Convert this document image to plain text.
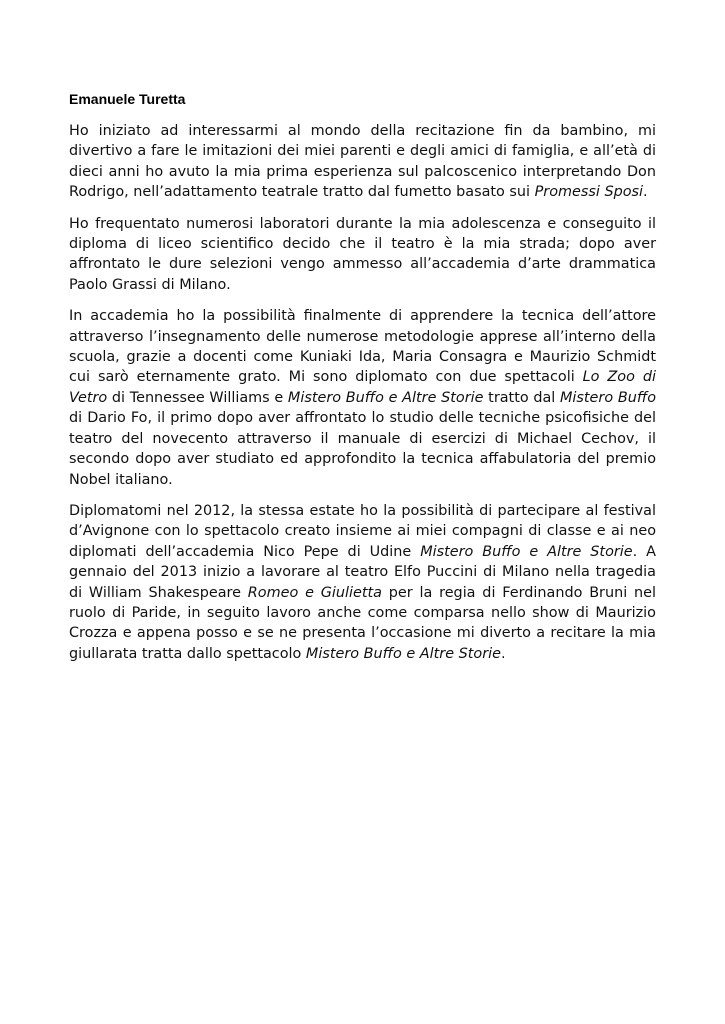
Emanuele Turetta

Ho iniziato ad interessarmi al mondo della recitazione fin da bambino, mi divertivo a fare le imitazioni dei miei parenti e degli amici di famiglia, e all’età di dieci anni ho avuto la mia prima esperienza sul palcoscenico interpretando Don Rodrigo, nell’adattamento teatrale tratto dal fumetto basato sui Promessi Sposi.

Ho frequentato numerosi laboratori durante la mia adolescenza e conseguito il diploma di liceo scientifico decido che il teatro è la mia strada; dopo aver affrontato le dure selezioni vengo ammesso all’accademia d’arte drammatica Paolo Grassi di Milano.

In accademia ho la possibilità finalmente di apprendere la tecnica dell’attore attraverso l’insegnamento delle numerose metodologie apprese all’interno della scuola, grazie a docenti come Kuniaki Ida, Maria Consagra e Maurizio Schmidt cui sarò eternamente grato. Mi sono diplomato con due spettacoli Lo Zoo di Vetro di Tennessee Williams e Mistero Buffo e Altre Storie tratto dal Mistero Buffo di Dario Fo, il primo dopo aver affrontato lo studio delle tecniche psicofisiche del teatro del novecento attraverso il manuale di esercizi di Michael Cechov, il secondo dopo aver studiato ed approfondito la tecnica affabulatoria del premio Nobel italiano.

Diplomatomi nel 2012, la stessa estate ho la possibilità di partecipare al festival d’Avignone con lo spettacolo creato insieme ai miei compagni di classe e ai neo diplomati dell’accademia Nico Pepe di Udine Mistero Buffo e Altre Storie. A gennaio del 2013 inizio a lavorare al teatro Elfo Puccini di Milano nella tragedia di William Shakespeare Romeo e Giulietta per la regia di Ferdinando Bruni nel ruolo di Paride, in seguito lavoro anche come comparsa nello show di Maurizio Crozza e appena posso e se ne presenta l’occasione mi diverto a recitare la mia giullarata tratta dallo spettacolo Mistero Buffo e Altre Storie.
